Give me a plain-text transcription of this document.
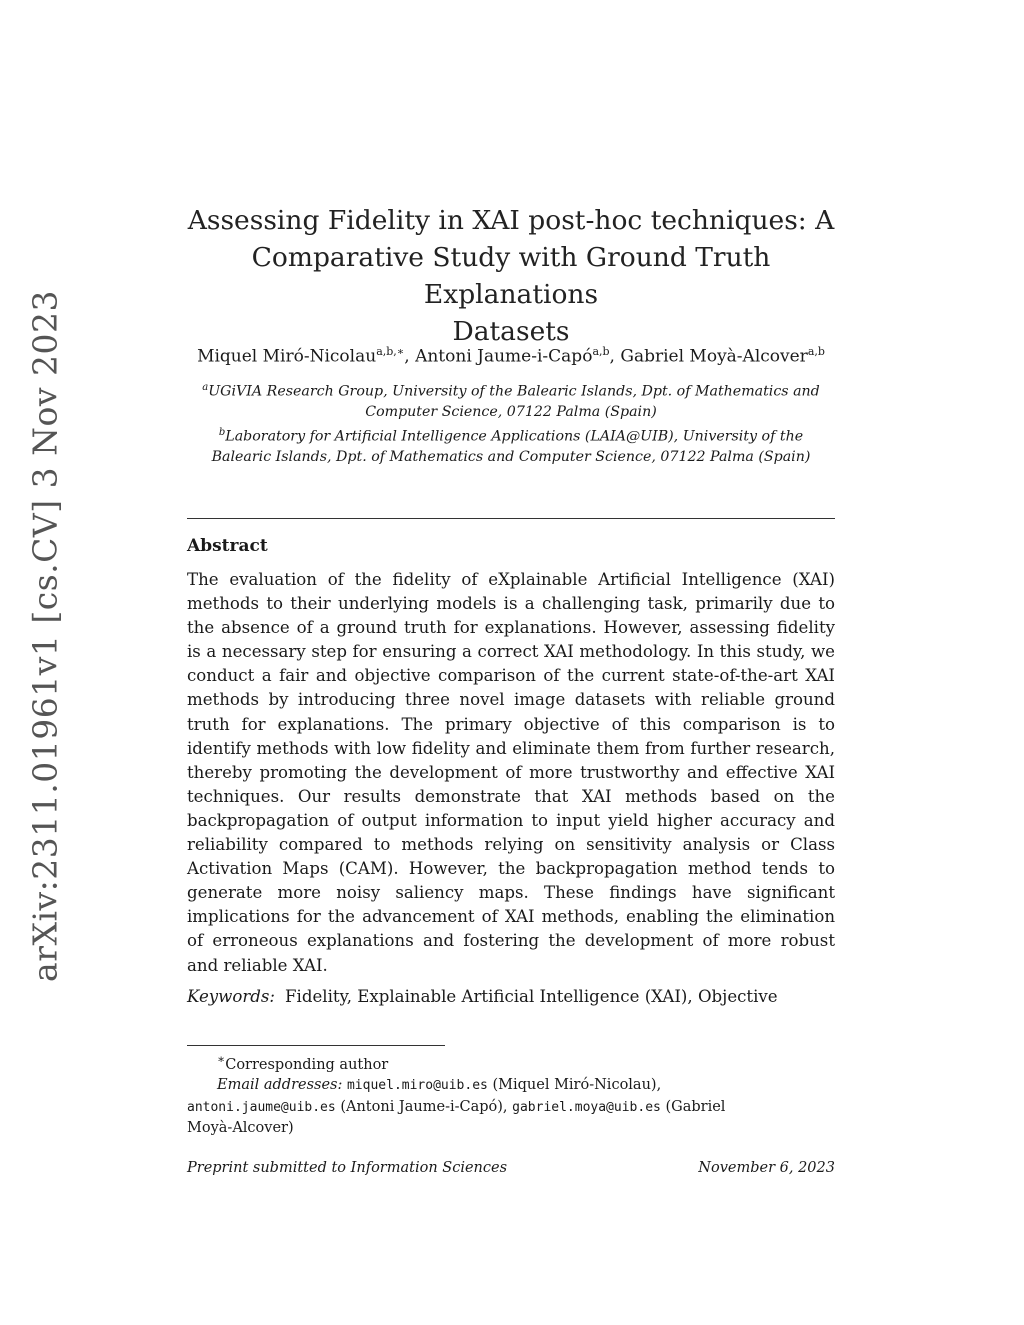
arXiv:2311.01961v1 [cs.CV] 3 Nov 2023
Assessing Fidelity in XAI post-hoc techniques: A
Comparative Study with Ground Truth Explanations
Datasets
Miquel Miró-Nicolau$^{a,b,∗}$, Antoni Jaume-i-Capó$^{a,b}$, Gabriel Moyà-Alcover$^{a,b}$
$^a$UGiVIA Research Group, University of the Balearic Islands, Dpt. of Mathematics and
Computer Science, 07122 Palma (Spain)
$^b$Laboratory for Artificial Intelligence Applications (LAIA@UIB), University of the
Balearic Islands, Dpt. of Mathematics and Computer Science, 07122 Palma (Spain)
Abstract
The evaluation of the fidelity of eXplainable Artificial Intelligence (XAI) methods to their underlying models is a challenging task, primarily due to the absence of a ground truth for explanations. However, assessing fidelity is a necessary step for ensuring a correct XAI methodology. In this study, we conduct a fair and objective comparison of the current state-of-the-art XAI methods by introducing three novel image datasets with reliable ground truth for explanations. The primary objective of this comparison is to identify methods with low fidelity and eliminate them from further research, thereby promoting the development of more trustworthy and effective XAI techniques. Our results demonstrate that XAI methods based on the backpropagation of output information to input yield higher accuracy and reliability compared to methods relying on sensitivity analysis or Class Activation Maps (CAM). However, the backpropagation method tends to generate more noisy saliency maps. These findings have significant implications for the advancement of XAI methods, enabling the elimination of erroneous explanations and fostering the development of more robust and reliable XAI.
Keywords: Fidelity, Explainable Artificial Intelligence (XAI), Objective
∗Corresponding author
Email addresses: miquel.miro@uib.es (Miquel Miró-Nicolau),
antoni.jaume@uib.es (Antoni Jaume-i-Capó), gabriel.moya@uib.es (Gabriel
Moyà-Alcover)
Preprint submitted to Information Sciences	November 6, 2023
